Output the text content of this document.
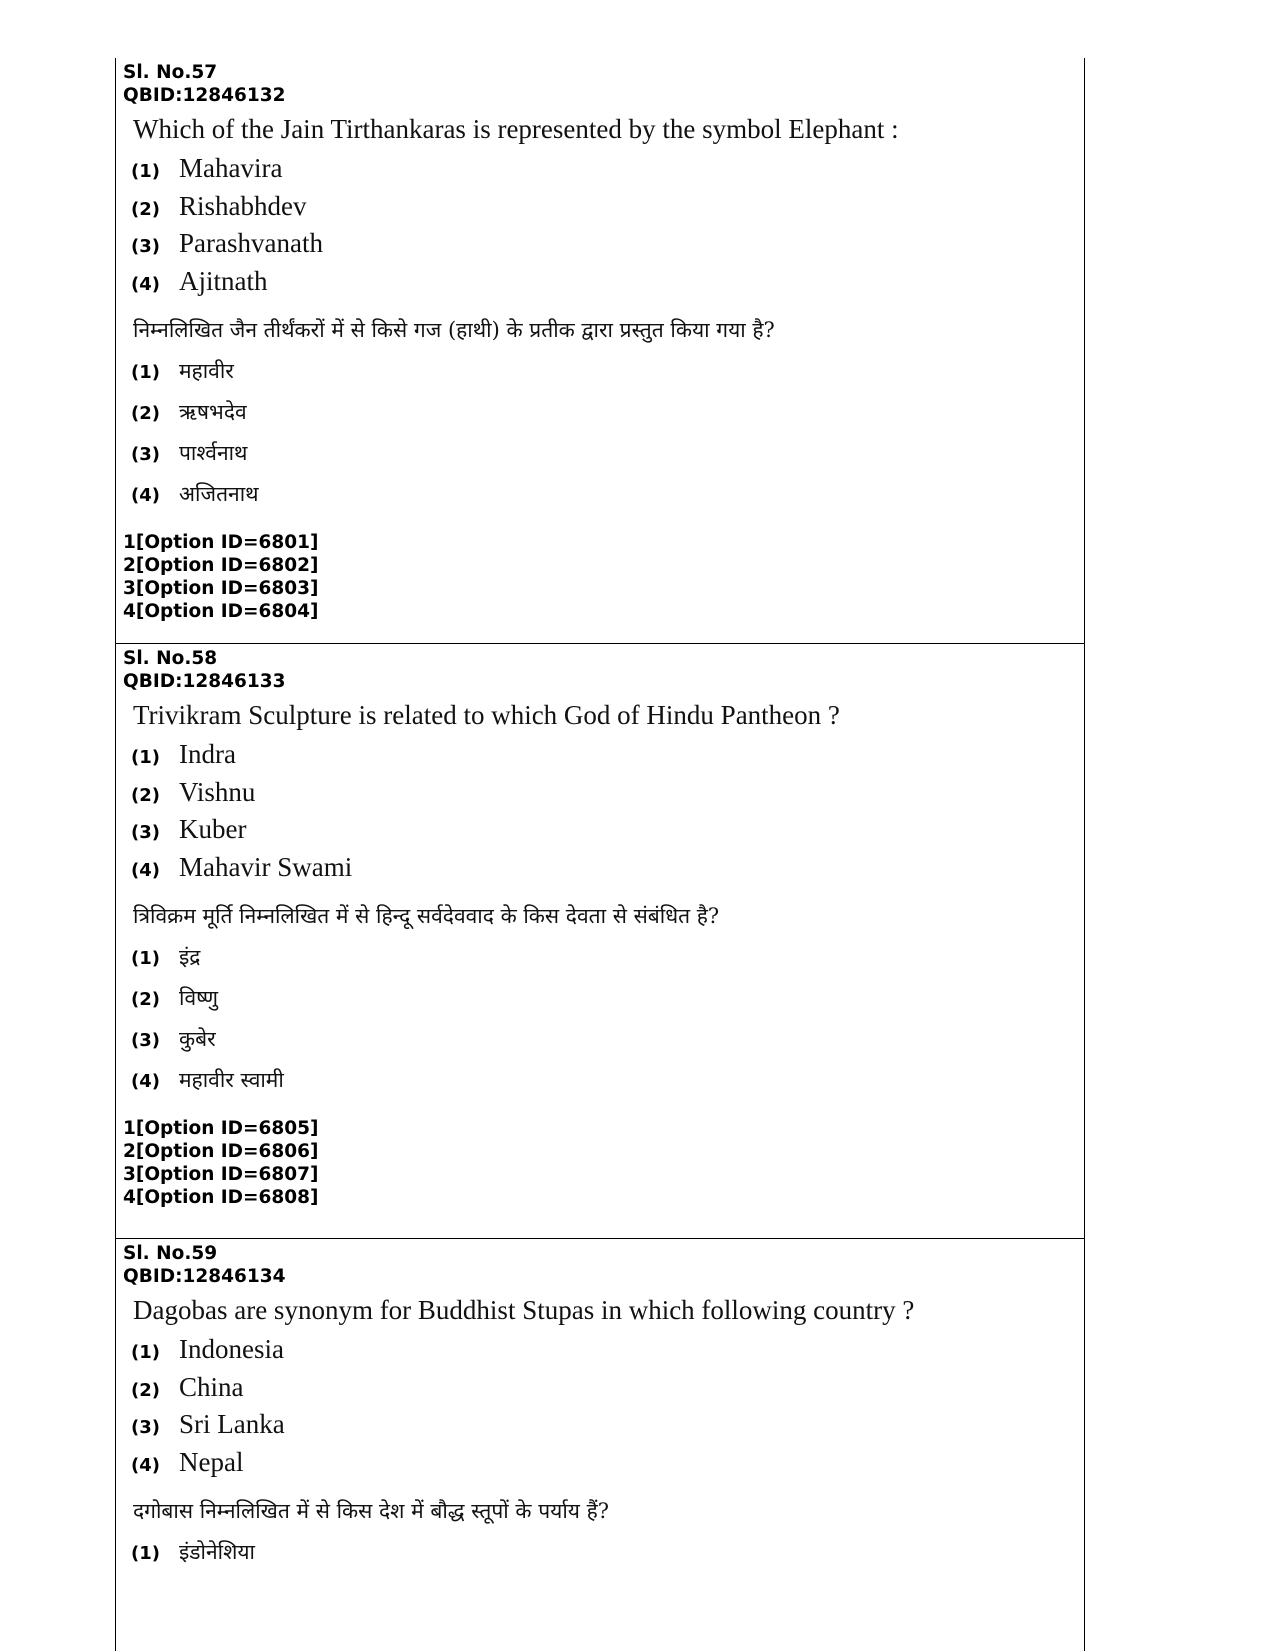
Sl. No.57
QBID:12846132
Which of the Jain Tirthankaras is represented by the symbol Elephant :
(1) Mahavira
(2) Rishabhdev
(3) Parashvanath
(4) Ajitnath
निम्नलिखित जैन तीर्थंकरों में से किसे गज (हाथी) के प्रतीक द्वारा प्रस्तुत किया गया है?
(1) महावीर
(2) ऋषभदेव
(3) पार्श्वनाथ
(4) अजितनाथ
1[Option ID=6801]
2[Option ID=6802]
3[Option ID=6803]
4[Option ID=6804]
Sl. No.58
QBID:12846133
Trivikram Sculpture is related to which God of Hindu Pantheon ?
(1) Indra
(2) Vishnu
(3) Kuber
(4) Mahavir Swami
त्रिविक्रम मूर्ति निम्नलिखित में से हिन्दू सर्वदेववाद के किस देवता से संबंधित है?
(1) इंद्र
(2) विष्णु
(3) कुबेर
(4) महावीर स्वामी
1[Option ID=6805]
2[Option ID=6806]
3[Option ID=6807]
4[Option ID=6808]
Sl. No.59
QBID:12846134
Dagobas are synonym for Buddhist Stupas in which following country ?
(1) Indonesia
(2) China
(3) Sri Lanka
(4) Nepal
दगोबास निम्नलिखित में से किस देश में बौद्ध स्तूपों के पर्याय हैं?
(1) इंडोनेशिया
